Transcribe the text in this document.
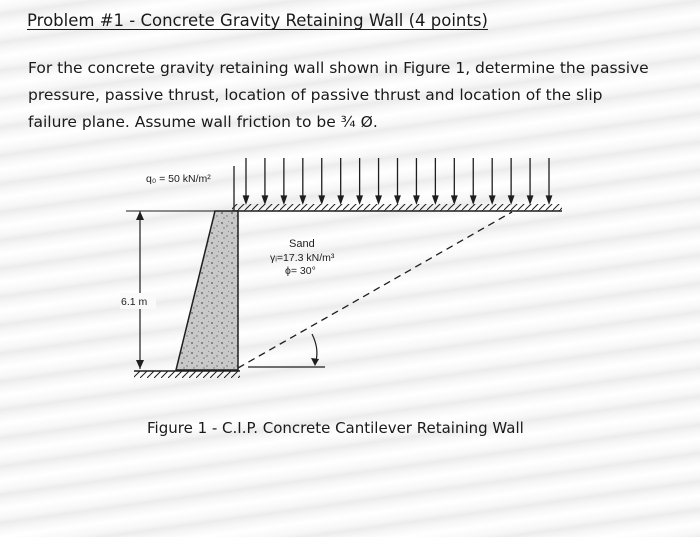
Problem #1 - Concrete Gravity Retaining Wall (4 points)
For the concrete gravity retaining wall shown in Figure 1, determine the passive
pressure, passive thrust, location of passive thrust and location of the slip
failure plane. Assume wall friction to be ¾ Ø.
6.1 m
q₀ = 50 kN/m²
Sand
γᵢ=17.3 kN/m³
ϕ= 30°
Figure 1 - C.I.P. Concrete Cantilever Retaining Wall
